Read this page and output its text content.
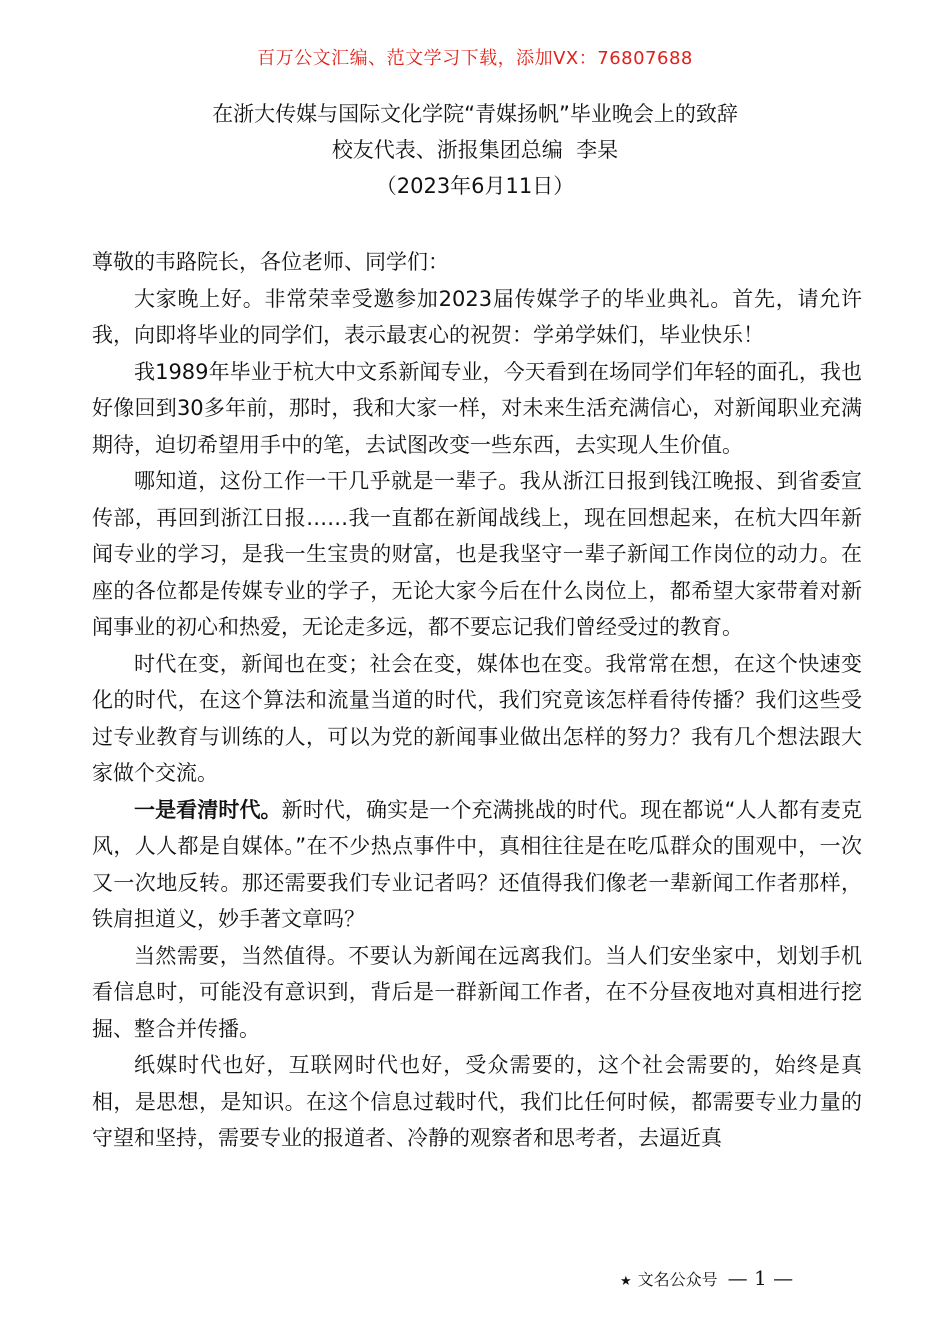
百万公文汇编、范文学习下载，添加VX：76807688
在浙大传媒与国际文化学院“青媒扬帆”毕业晚会上的致辞
校友代表、浙报集团总编  李杲
（2023年6月11日）

尊敬的韦路院长，各位老师、同学们：

大家晚上好。非常荣幸受邀参加2023届传媒学子的毕业典礼。首先，请允许我，向即将毕业的同学们，表示最衷心的祝贺：学弟学妹们，毕业快乐！

我1989年毕业于杭大中文系新闻专业，今天看到在场同学们年轻的面孔，我也好像回到30多年前，那时，我和大家一样，对未来生活充满信心，对新闻职业充满期待，迫切希望用手中的笔，去试图改变一些东西，去实现人生价值。

哪知道，这份工作一干几乎就是一辈子。我从浙江日报到钱江晚报、到省委宣传部，再回到浙江日报……我一直都在新闻战线上，现在回想起来，在杭大四年新闻专业的学习，是我一生宝贵的财富，也是我坚守一辈子新闻工作岗位的动力。在座的各位都是传媒专业的学子，无论大家今后在什么岗位上，都希望大家带着对新闻事业的初心和热爱，无论走多远，都不要忘记我们曾经受过的教育。

时代在变，新闻也在变；社会在变，媒体也在变。我常常在想，在这个快速变化的时代，在这个算法和流量当道的时代，我们究竟该怎样看待传播？我们这些受过专业教育与训练的人，可以为党的新闻事业做出怎样的努力？我有几个想法跟大家做个交流。

一是看清时代。新时代，确实是一个充满挑战的时代。现在都说“人人都有麦克风，人人都是自媒体。”在不少热点事件中，真相往往是在吃瓜群众的围观中，一次又一次地反转。那还需要我们专业记者吗？还值得我们像老一辈新闻工作者那样，铁肩担道义，妙手著文章吗？

当然需要，当然值得。不要认为新闻在远离我们。当人们安坐家中，划划手机看信息时，可能没有意识到，背后是一群新闻工作者，在不分昼夜地对真相进行挖掘、整合并传播。

纸媒时代也好，互联网时代也好，受众需要的，这个社会需要的，始终是真相，是思想，是知识。在这个信息过载时代，我们比任何时候，都需要专业力量的守望和坚持，需要专业的报道者、冷静的观察者和思考者，去逼近真

★ 文名公众号 — 1 —
